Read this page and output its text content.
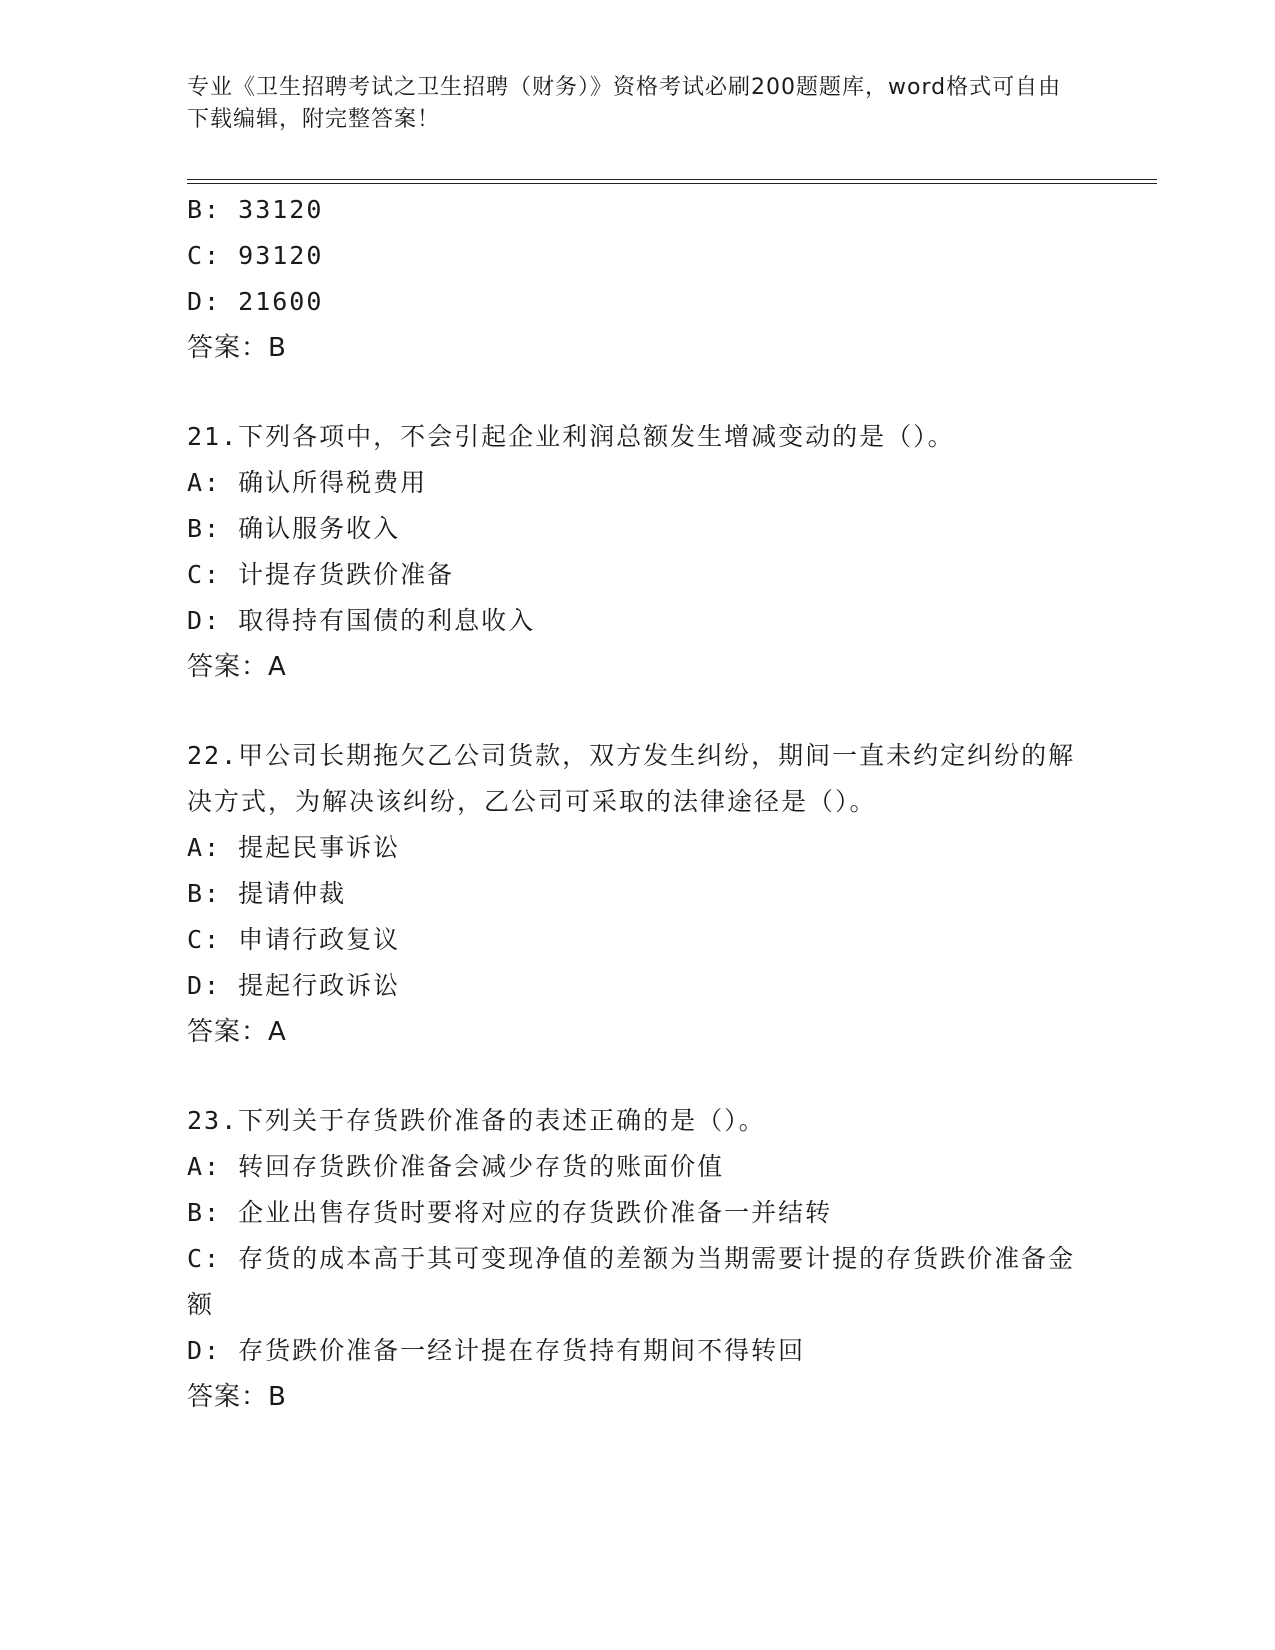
专业《卫生招聘考试之卫生招聘（财务）》资格考试必刷200题题库，word格式可自由下载编辑，附完整答案！
B: 33120
C: 93120
D: 21600
答案：B
21.下列各项中，不会引起企业利润总额发生增减变动的是（）。
A: 确认所得税费用
B: 确认服务收入
C: 计提存货跌价准备
D: 取得持有国债的利息收入
答案：A
22.甲公司长期拖欠乙公司货款，双方发生纠纷，期间一直未约定纠纷的解决方式，为解决该纠纷，乙公司可采取的法律途径是（）。
A: 提起民事诉讼
B: 提请仲裁
C: 申请行政复议
D: 提起行政诉讼
答案：A
23.下列关于存货跌价准备的表述正确的是（）。
A: 转回存货跌价准备会减少存货的账面价值
B: 企业出售存货时要将对应的存货跌价准备一并结转
C: 存货的成本高于其可变现净值的差额为当期需要计提的存货跌价准备金额
D: 存货跌价准备一经计提在存货持有期间不得转回
答案：B
